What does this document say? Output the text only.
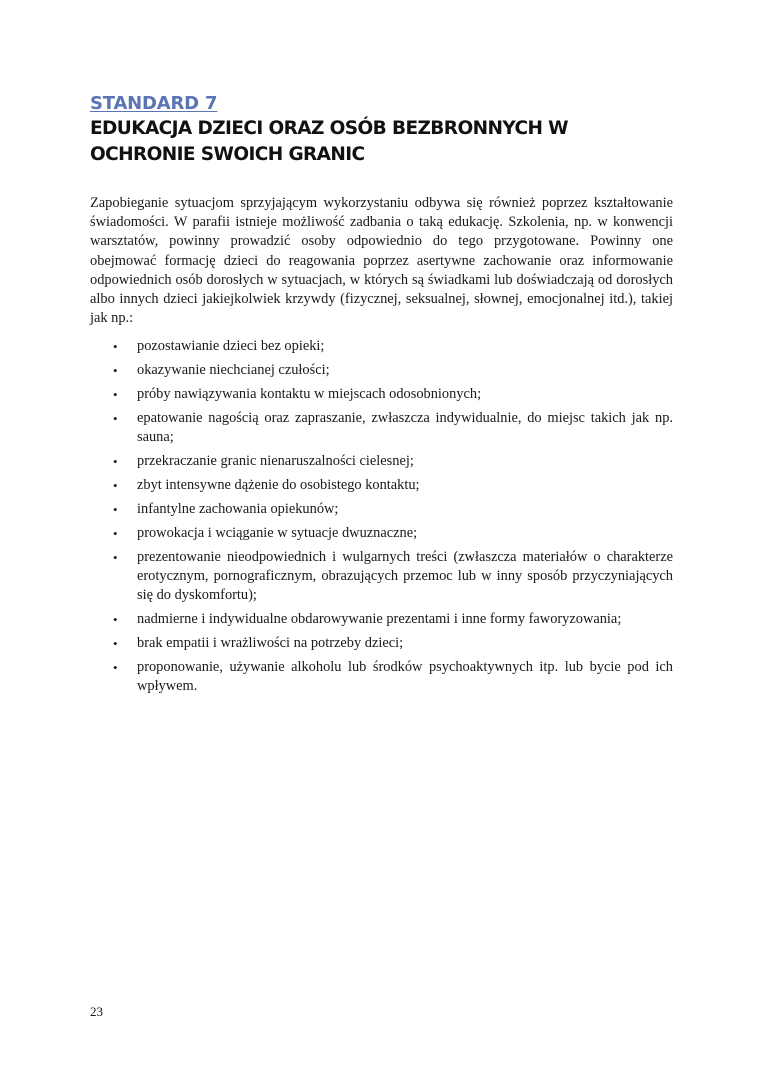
STANDARD 7
EDUKACJA DZIECI ORAZ OSÓB BEZBRONNYCH W OCHRONIE SWOICH GRANIC

Zapobieganie sytuacjom sprzyjającym wykorzystaniu odbywa się również poprzez kształtowanie świadomości. W parafii istnieje możliwość zadbania o taką edukację. Szkolenia, np. w konwencji warsztatów, powinny prowadzić osoby odpowiednio do tego przygotowane. Powinny one obejmować formację dzieci do reagowania poprzez asertywne zachowanie oraz informowanie odpowiednich osób dorosłych w sytuacjach, w których są świadkami lub doświadczają od dorosłych albo innych dzieci jakiejkolwiek krzywdy (fizycznej, seksualnej, słownej, emocjonalnej itd.), takiej jak np.:

• pozostawianie dzieci bez opieki;
• okazywanie niechcianej czułości;
• próby nawiązywania kontaktu w miejscach odosobnionych;
• epatowanie nagością oraz zapraszanie, zwłaszcza indywidualnie, do miejsc takich jak np. sauna;
• przekraczanie granic nienaruszalności cielesnej;
• zbyt intensywne dążenie do osobistego kontaktu;
• infantylne zachowania opiekunów;
• prowokacja i wciąganie w sytuacje dwuznaczne;
• prezentowanie nieodpowiednich i wulgarnych treści (zwłaszcza materiałów o charakterze erotycznym, pornograficznym, obrazujących przemoc lub w inny sposób przyczyniających się do dyskomfortu);
• nadmierne i indywidualne obdarowywanie prezentami i inne formy faworyzowania;
• brak empatii i wrażliwości na potrzeby dzieci;
• proponowanie, używanie alkoholu lub środków psychoaktywnych itp. lub bycie pod ich wpływem.
23
